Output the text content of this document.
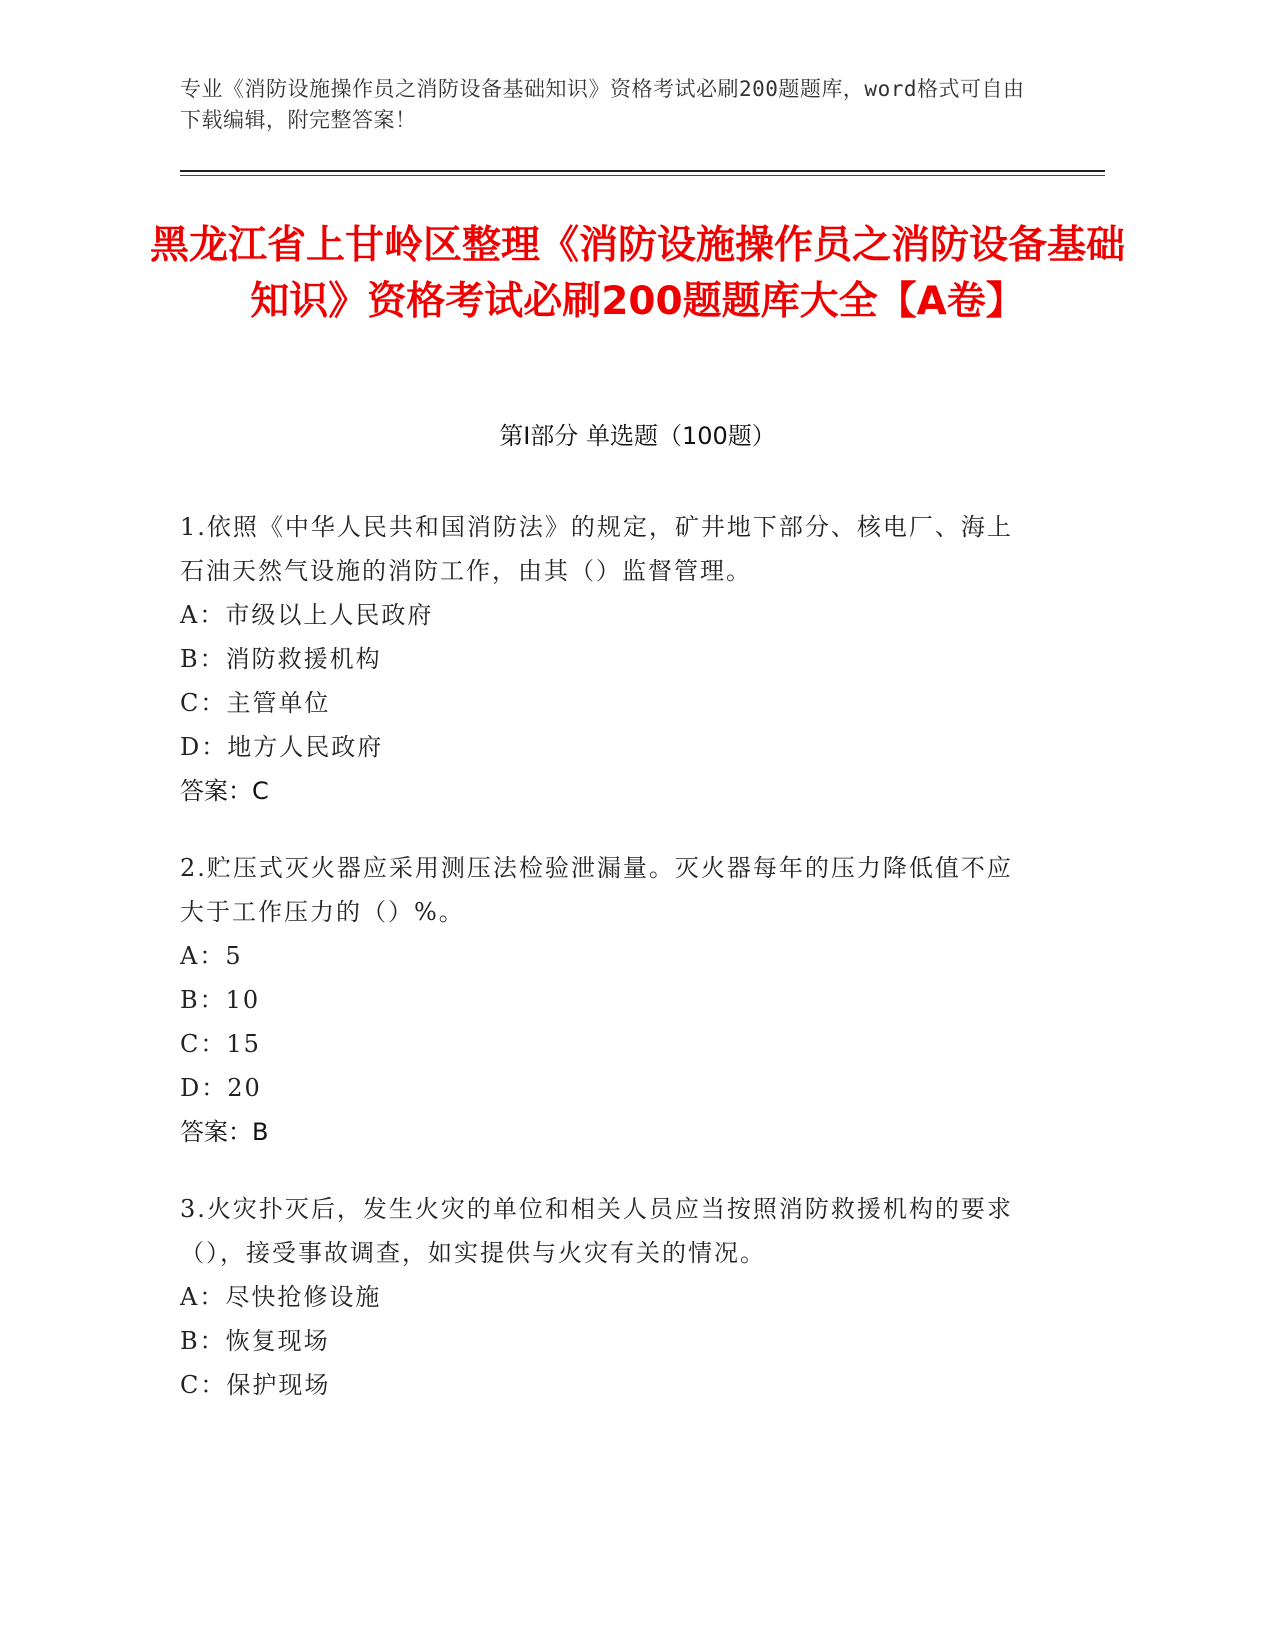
专业《消防设施操作员之消防设备基础知识》资格考试必刷200题题库，word格式可自由下载编辑，附完整答案！
黑龙江省上甘岭区整理《消防设施操作员之消防设备基础知识》资格考试必刷200题题库大全【A卷】
第Ⅰ部分 单选题（100题）
1.依照《中华人民共和国消防法》的规定，矿井地下部分、核电厂、海上石油天然气设施的消防工作，由其（）监督管理。
A：市级以上人民政府
B：消防救援机构
C：主管单位
D：地方人民政府
答案：C
2.贮压式灭火器应采用测压法检验泄漏量。灭火器每年的压力降低值不应大于工作压力的（）%。
A：5
B：10
C：15
D：20
答案：B
3.火灾扑灭后，发生火灾的单位和相关人员应当按照消防救援机构的要求（），接受事故调查，如实提供与火灾有关的情况。
A：尽快抢修设施
B：恢复现场
C：保护现场
